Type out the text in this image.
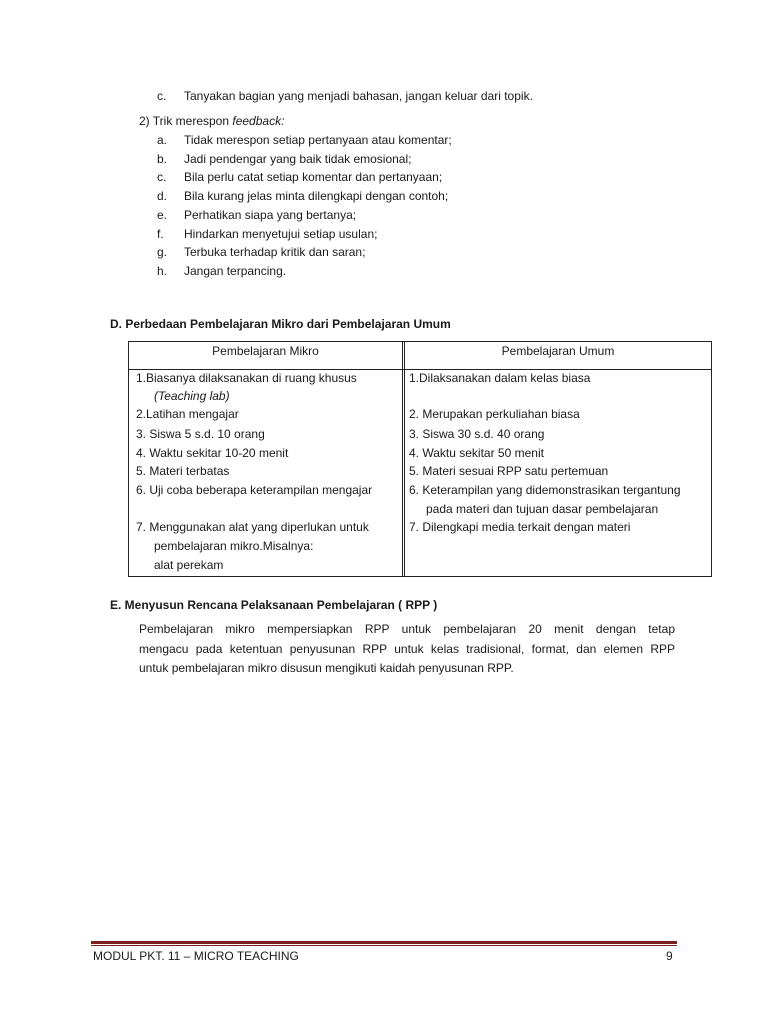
c. Tanyakan bagian yang menjadi bahasan, jangan keluar dari topik.
2) Trik merespon feedback:
a. Tidak merespon setiap pertanyaan atau komentar;
b. Jadi pendengar yang baik tidak emosional;
c. Bila perlu catat setiap komentar dan pertanyaan;
d. Bila kurang jelas minta dilengkapi dengan contoh;
e. Perhatikan siapa yang bertanya;
f. Hindarkan menyetujui setiap usulan;
g. Terbuka terhadap kritik dan saran;
h. Jangan terpancing.
D. Perbedaan Pembelajaran Mikro dari Pembelajaran Umum
Pembelajaran Mikro	Pembelajaran Umum
1.Biasanya dilaksanakan di ruang khusus
(Teaching lab)
2.Latihan mengajar
3. Siswa 5 s.d. 10 orang
4. Waktu sekitar 10-20 menit
5. Materi terbatas
6. Uji coba beberapa keterampilan mengajar
7. Menggunakan alat yang diperlukan untuk
pembelajaran mikro.Misalnya:
alat perekam
1.Dilaksanakan dalam kelas biasa
2. Merupakan perkuliahan biasa
3. Siswa 30 s.d. 40 orang
4. Waktu sekitar 50 menit
5. Materi sesuai RPP satu pertemuan
6. Keterampilan yang didemonstrasikan tergantung
pada materi dan tujuan dasar pembelajaran
7. Dilengkapi media terkait dengan materi
E. Menyusun Rencana Pelaksanaan Pembelajaran ( RPP )
Pembelajaran mikro mempersiapkan RPP untuk pembelajaran 20 menit dengan tetap
mengacu pada ketentuan penyusunan RPP untuk kelas tradisional, format, dan elemen RPP
untuk pembelajaran mikro disusun mengikuti kaidah penyusunan RPP.
MODUL PKT. 11 – MICRO TEACHING	9
